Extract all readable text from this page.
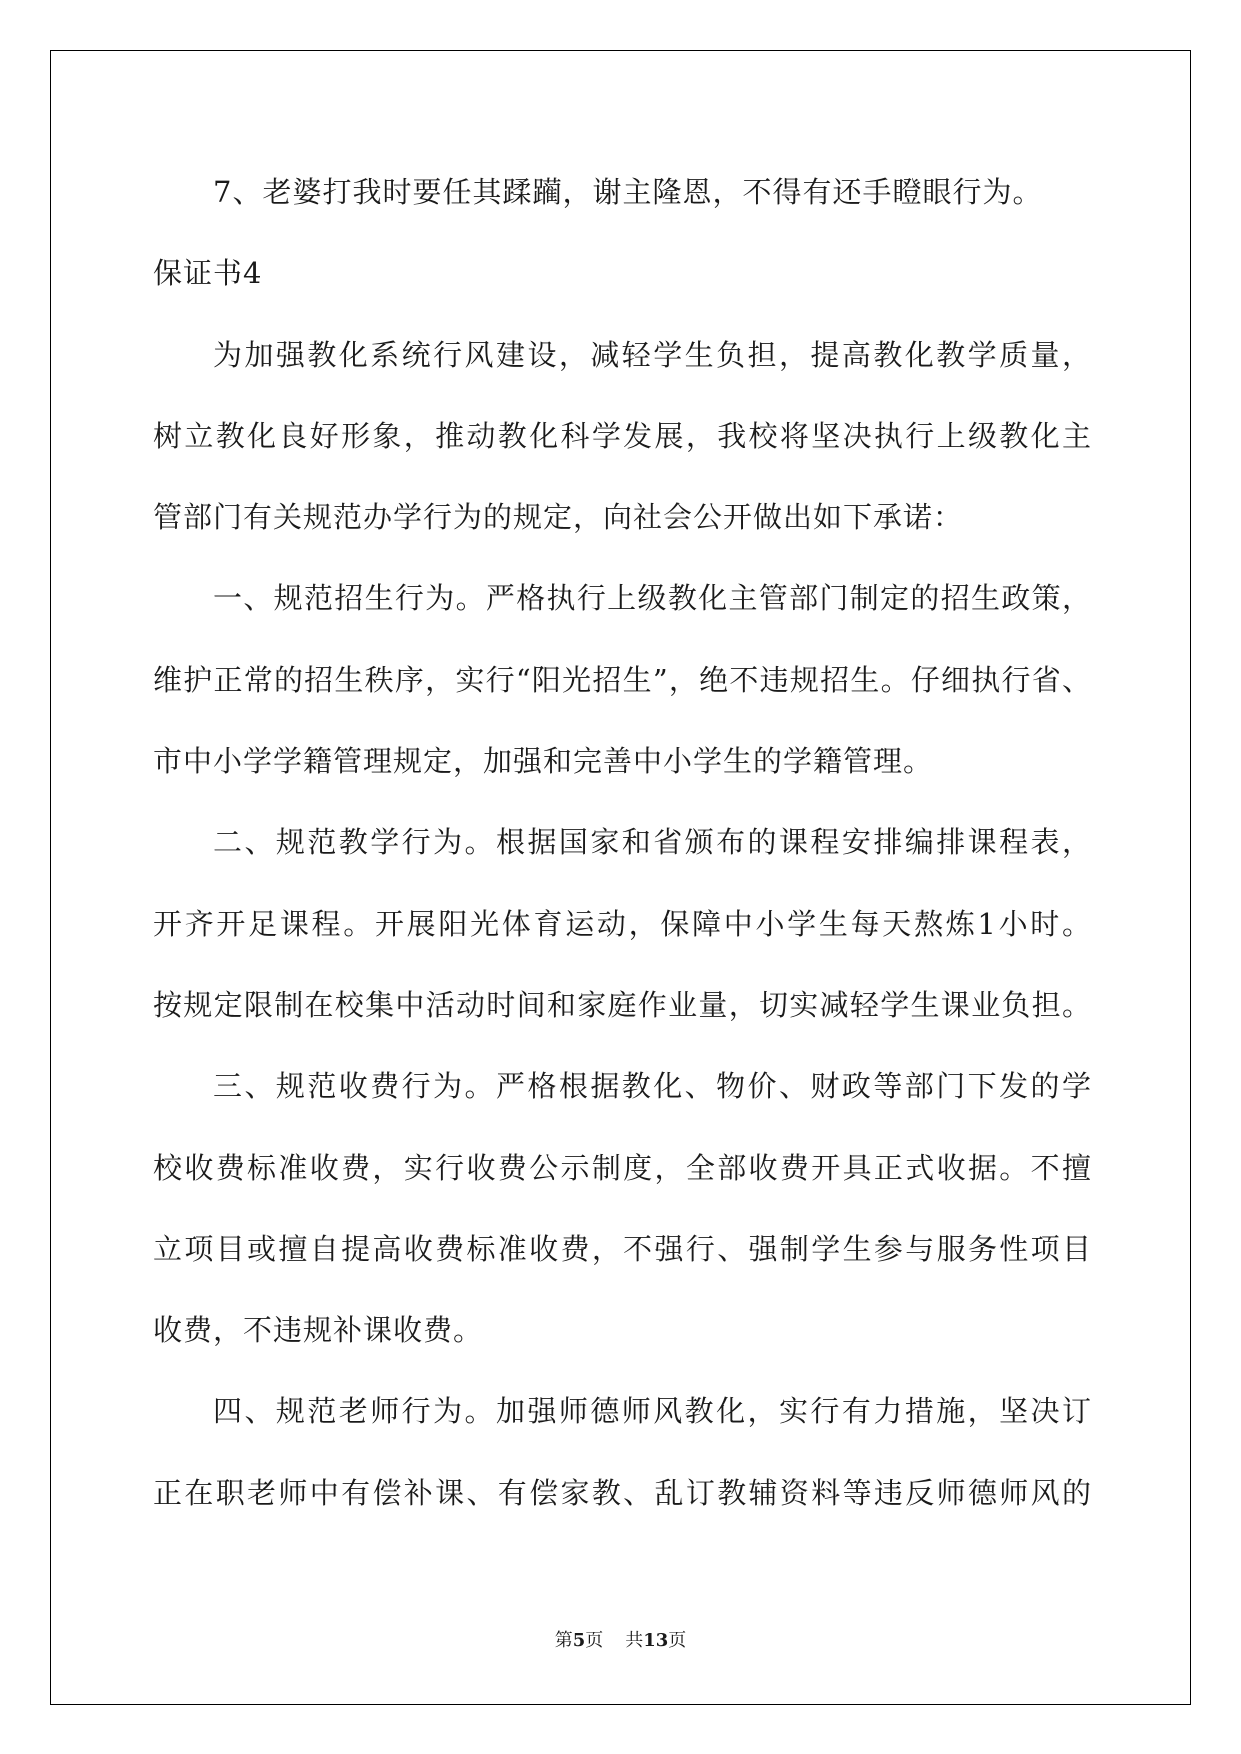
7、老婆打我时要任其蹂躏，谢主隆恩，不得有还手瞪眼行为。
保证书4
为加强教化系统行风建设，减轻学生负担，提高教化教学质量，
树立教化良好形象，推动教化科学发展，我校将坚决执行上级教化主
管部门有关规范办学行为的规定，向社会公开做出如下承诺：
一、规范招生行为。严格执行上级教化主管部门制定的招生政策，
维护正常的招生秩序，实行“阳光招生”，绝不违规招生。仔细执行省、
市中小学学籍管理规定，加强和完善中小学生的学籍管理。
二、规范教学行为。根据国家和省颁布的课程安排编排课程表，
开齐开足课程。开展阳光体育运动，保障中小学生每天熬炼1小时。
按规定限制在校集中活动时间和家庭作业量，切实减轻学生课业负担。
三、规范收费行为。严格根据教化、物价、财政等部门下发的学
校收费标准收费，实行收费公示制度，全部收费开具正式收据。不擅
立项目或擅自提高收费标准收费，不强行、强制学生参与服务性项目
收费，不违规补课收费。
四、规范老师行为。加强师德师风教化，实行有力措施，坚决订
正在职老师中有偿补课、有偿家教、乱订教辅资料等违反师德师风的
第5页 共13页
